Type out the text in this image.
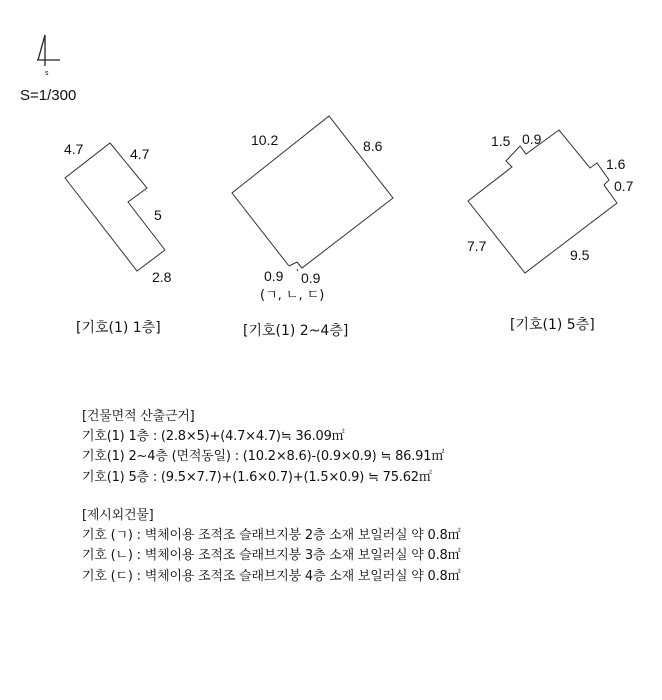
s
4.7	4.7
5
2.8
10.2	8.6
0.9 0.9
(ㄱ, ㄴ, ㄷ)
1.5 0.9
1.6
0.7
7.7
9.5
S=1/300
[기호(1) 1층]	[기호(1) 2~4층]	[기호(1) 5층]
[건물면적 산출근거]
기호(1) 1층 : (2.8×5)+(4.7×4.7)≒ 36.09㎡
기호(1) 2~4층 (면적동일) : (10.2×8.6)-(0.9×0.9) ≒ 86.91㎡
기호(1) 5층 : (9.5×7.7)+(1.6×0.7)+(1.5×0.9) ≒ 75.62㎡
[제시외건물]
기호 (ㄱ) : 벽체이용 조적조 슬래브지붕 2층 소재 보일러실 약 0.8㎡
기호 (ㄴ) : 벽체이용 조적조 슬래브지붕 3층 소재 보일러실 약 0.8㎡
기호 (ㄷ) : 벽체이용 조적조 슬래브지붕 4층 소재 보일러실 약 0.8㎡
